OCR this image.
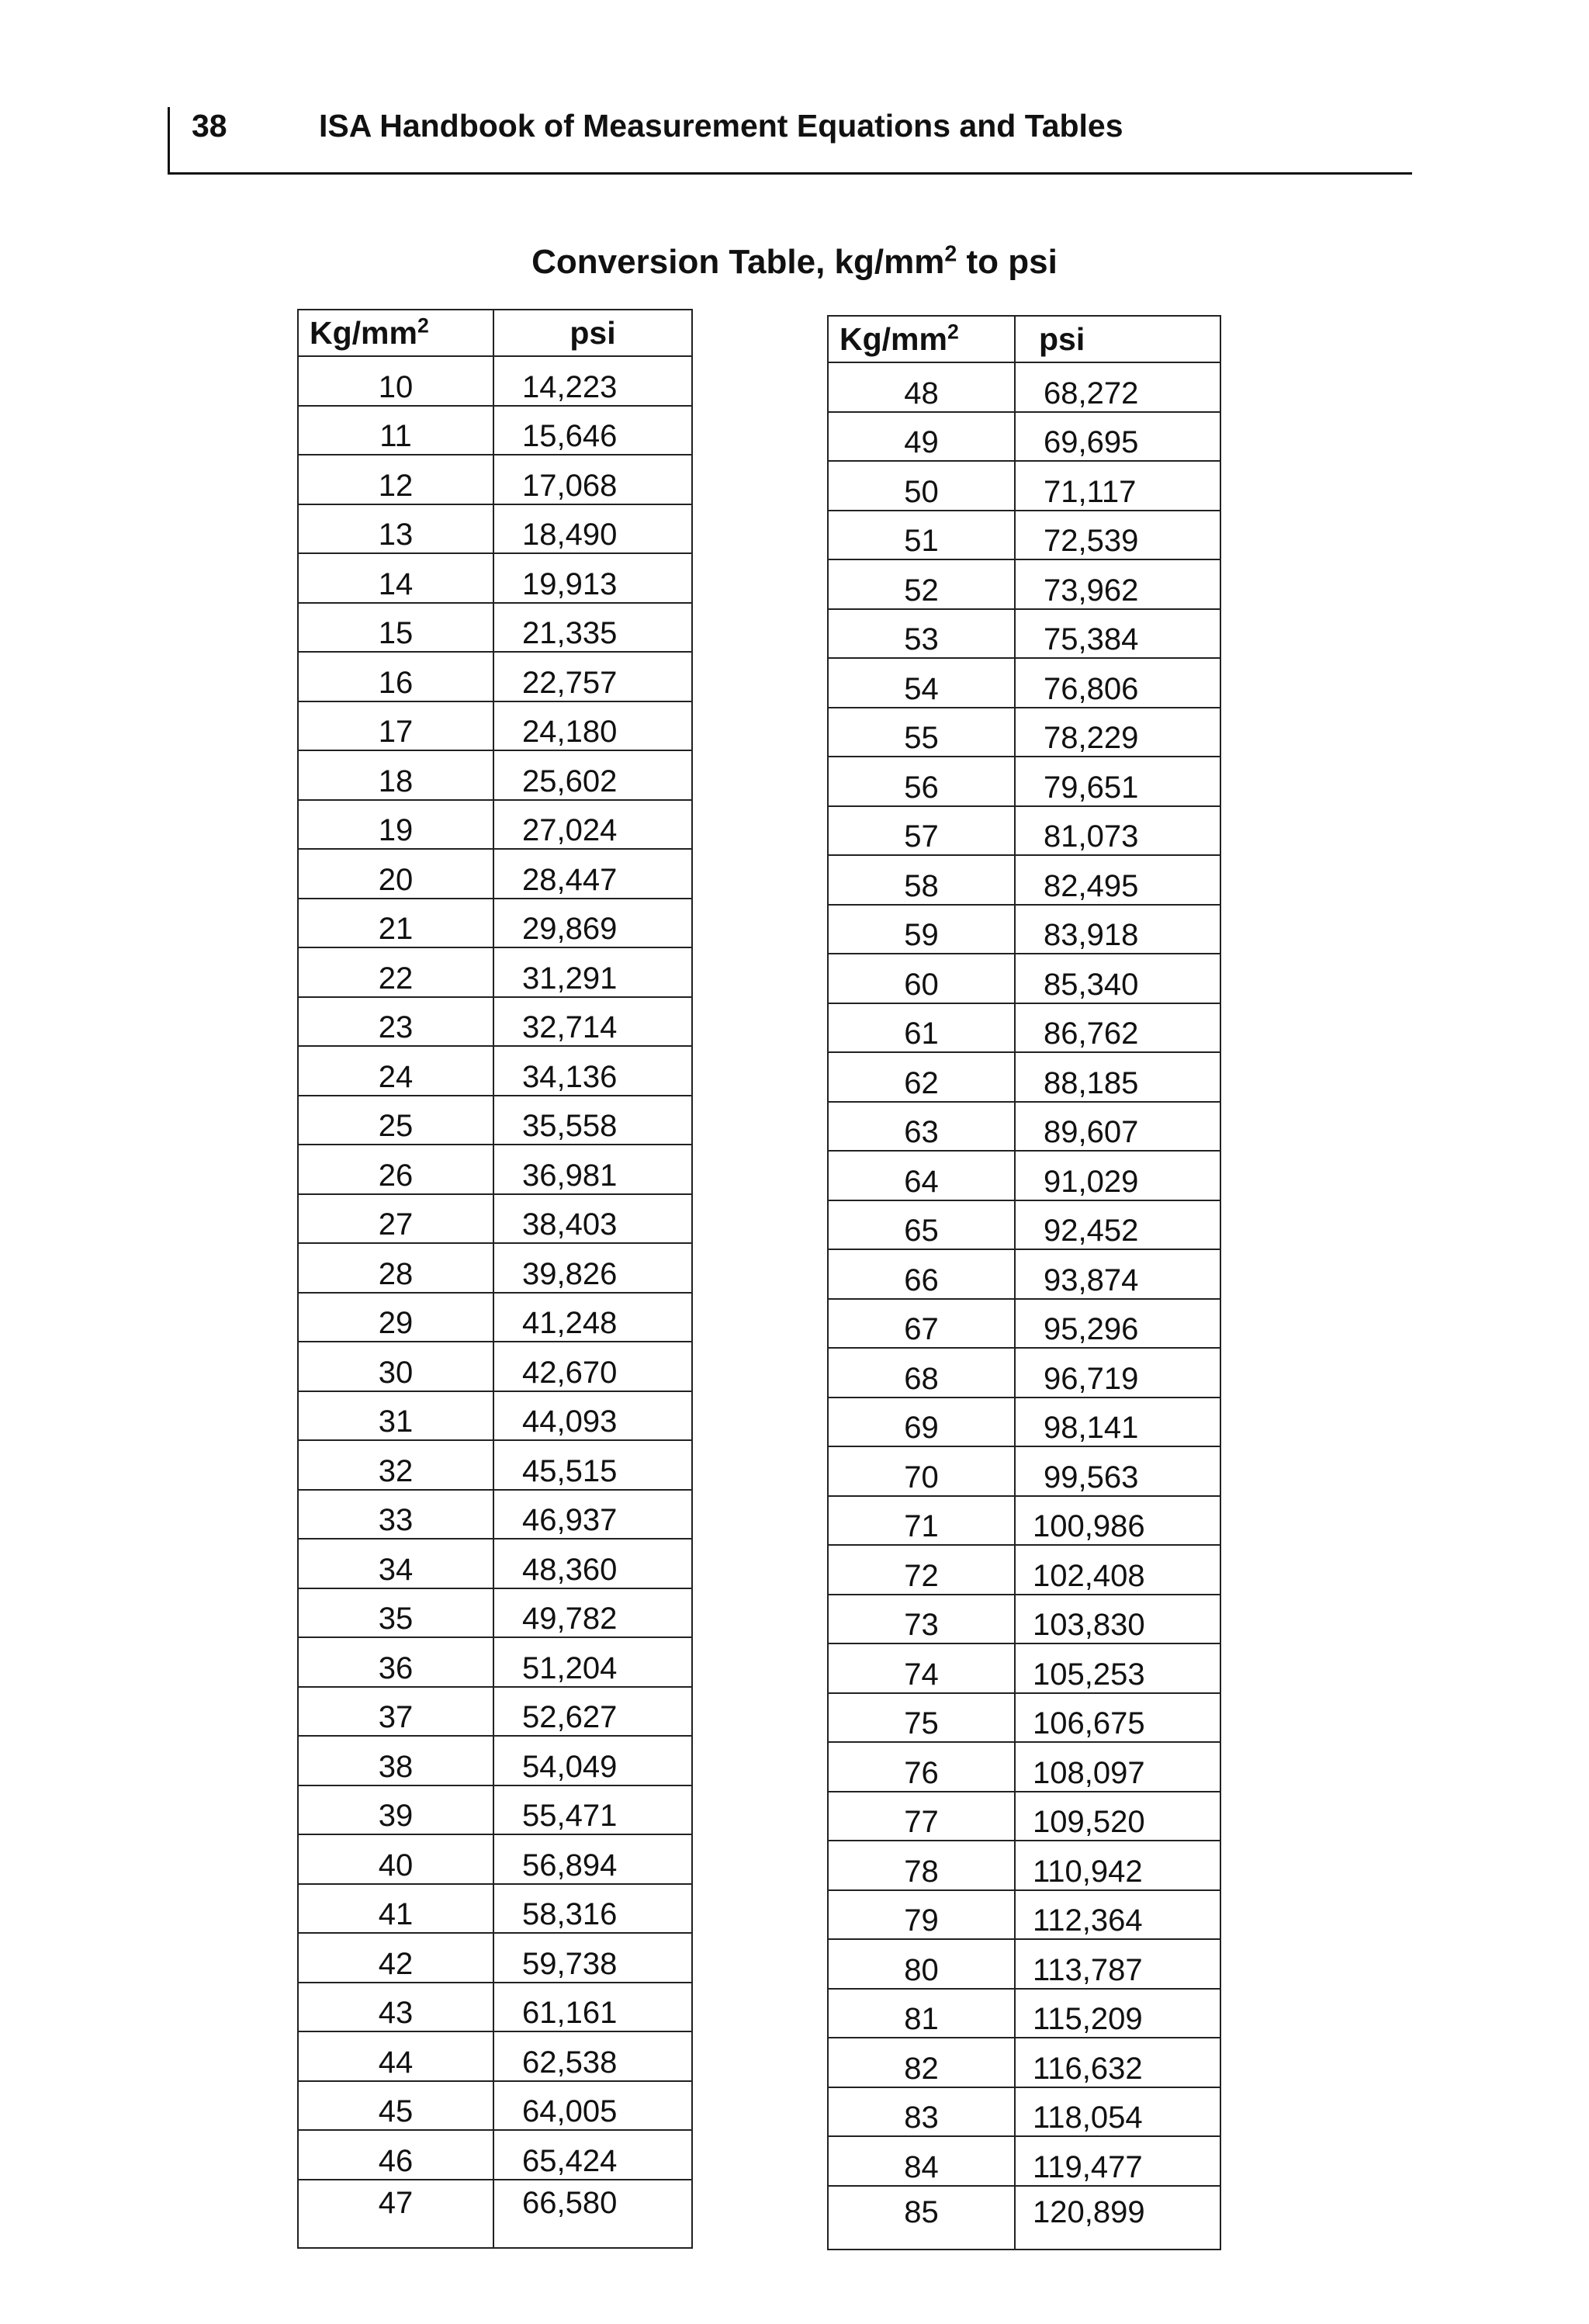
38	ISA Handbook of Measurement Equations and Tables
Conversion Table, $kg/mm^2$ to psi
$Kg/mm^2$	psi
10	14,223
11	15,646
12	17,068
13	18,490
14	19,913
15	21,335
16	22,757
17	24,180
18	25,602
19	27,024
20	28,447
21	29,869
22	31,291
23	32,714
24	34,136
25	35,558
26	36,981
27	38,403
28	39,826
29	41,248
30	42,670
31	44,093
32	45,515
33	46,937
34	48,360
35	49,782
36	51,204
37	52,627
38	54,049
39	55,471
40	56,894
41	58,316
42	59,738
43	61,161
44	62,538
45	64,005
46	65,424
47	66,580
$Kg/mm^2$	psi
48	68,272
49	69,695
50	71,117
51	72,539
52	73,962
53	75,384
54	76,806
55	78,229
56	79,651
57	81,073
58	82,495
59	83,918
60	85,340
61	86,762
62	88,185
63	89,607
64	91,029
65	92,452
66	93,874
67	95,296
68	96,719
69	98,141
70	99,563
71	100,986
72	102,408
73	103,830
74	105,253
75	106,675
76	108,097
77	109,520
78	110,942
79	112,364
80	113,787
81	115,209
82	116,632
83	118,054
84	119,477
85	120,899
